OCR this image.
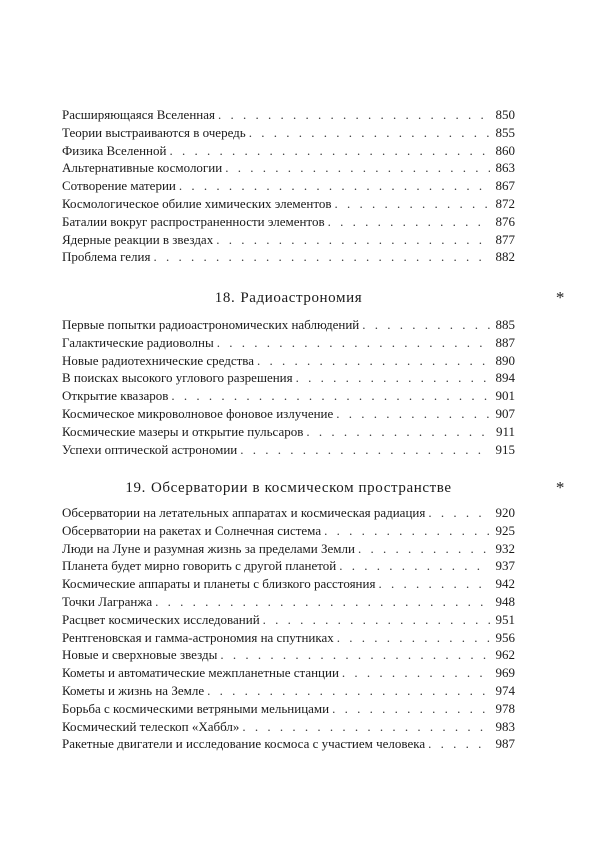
Расширяющаяся Вселенная . . .	850
Теории выстраиваются в очередь . . .	855
Физика Вселенной . . .	860
Альтернативные космологии . . .	863
Сотворение материи . . .	867
Космологическое обилие химических элементов . . .	872
Баталии вокруг распространенности элементов . . .	876
Ядерные реакции в звездах . . .	877
Проблема гелия . . .	882
18. Радиоастрономия	*
Первые попытки радиоастрономических наблюдений . . .	885
Галактические радиоволны . . .	887
Новые радиотехнические средства . . .	890
В поисках высокого углового разрешения . . .	894
Открытие квазаров . . .	901
Космическое микроволновое фоновое излучение . . .	907
Космические мазеры и открытие пульсаров . . .	911
Успехи оптической астрономии . . .	915
19. Обсерватории в космическом пространстве	*
Обсерватории на летательных аппаратах и космическая радиация . . .	920
Обсерватории на ракетах и Солнечная система . . .	925
Люди на Луне и разумная жизнь за пределами Земли . . .	932
Планета будет мирно говорить с другой планетой . . .	937
Космические аппараты и планеты с близкого расстояния . . .	942
Точки Лагранжа . . .	948
Расцвет космических исследований . . .	951
Рентгеновская и гамма-астрономия на спутниках . . .	956
Новые и сверхновые звезды . . .	962
Кометы и автоматические межпланетные станции . . .	969
Кометы и жизнь на Земле . . .	974
Борьба с космическими ветряными мельницами . . .	978
Космический телескоп «Хаббл» . . .	983
Ракетные двигатели и исследование космоса с участием человека . . .	987
